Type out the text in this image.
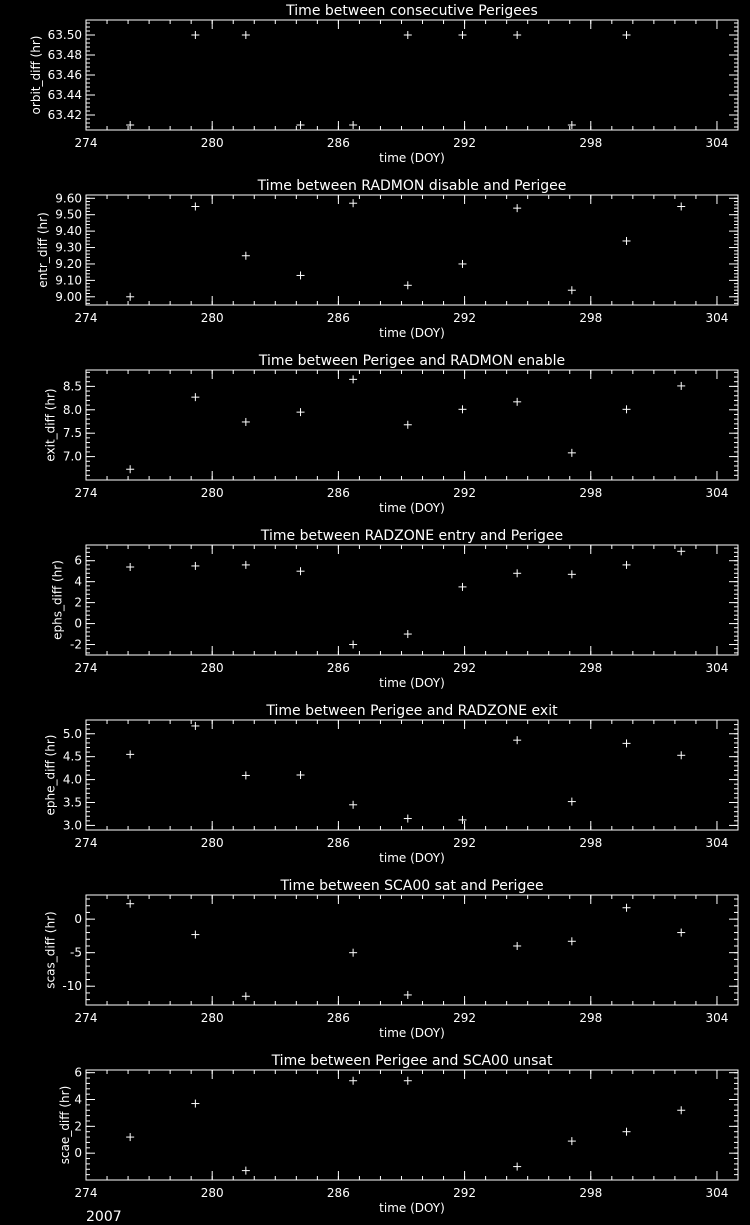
Time between consecutive Perigees
274	280	286	292	298	304
time (DOY)
63.42
63.44
63.46
63.48
63.50
orbit_diff (hr)
Time between RADMON disable and Perigee
274	280	286	292	298	304
time (DOY)
9.00
9.10
9.20
9.30
9.40
9.50
9.60
entr_diff (hr)
Time between Perigee and RADMON enable
274	280	286	292	298	304
time (DOY)
7.0
7.5
8.0
8.5
exit_diff (hr)
Time between RADZONE entry and Perigee
274	280	286	292	298	304
time (DOY)
-2
0
2
4
6
ephs_diff (hr)
Time between Perigee and RADZONE exit
274	280	286	292	298	304
time (DOY)
3.0
3.5
4.0
4.5
5.0
ephe_diff (hr)
Time between SCA00 sat and Perigee
274	280	286	292	298	304
time (DOY)
-10
-5
0
scas_diff (hr)
Time between Perigee and SCA00 unsat
274	280	286	292	298	304
time (DOY)
0
2
4
6
scae_diff (hr)
2007
